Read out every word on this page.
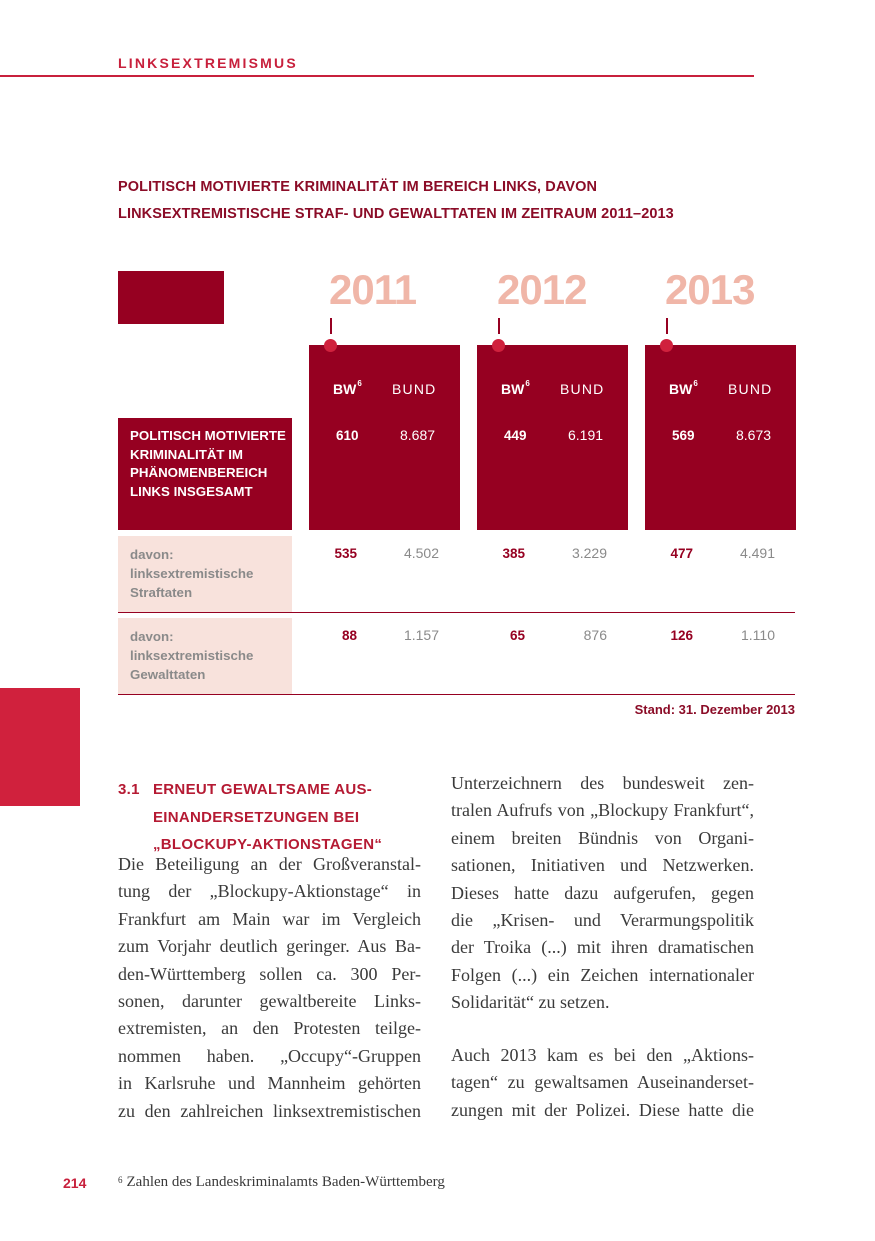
LINKSEXTREMISMUS
POLITISCH MOTIVIERTE KRIMINALITÄT IM BEREICH LINKS, DAVON
LINKSEXTREMISTISCHE STRAF- UND GEWALTTATEN IM ZEITRAUM 2011–2013
2011 2012 2013
BW$^6$ BUND	BW$^6$ BUND	BW$^6$ BUND
POLITISCH MOTIVIERTE
KRIMINALITÄT IM
PHÄNOMENBEREICH
LINKS INSGESAMT
610	8.687	449	6.191	569	8.673
davon:
linksextremistische
Straftaten
535	4.502	385	3.229	477	4.491
davon:
linksextremistische
Gewalttaten
88	1.157	65	876	126	1.110
Stand: 31. Dezember 2013
3.1 ERNEUT GEWALTSAME AUS-
EINANDERSETZUNGEN BEI
„BLOCKUPY-AKTIONSTAGEN“
Die Beteiligung an der Großveranstal-
tung der „Blockupy-Aktionstage“ in
Frankfurt am Main war im Vergleich
zum Vorjahr deutlich geringer. Aus Ba-
den-Württemberg sollen ca. 300 Per-
sonen, darunter gewaltbereite Links-
extremisten, an den Protesten teilge-
nommen haben. „Occupy“-Gruppen
in Karlsruhe und Mannheim gehörten
zu den zahlreichen linksextremistischen
Unterzeichnern des bundesweit zen-
tralen Aufrufs von „Blockupy Frankfurt“,
einem breiten Bündnis von Organi-
sationen, Initiativen und Netzwerken.
Dieses hatte dazu aufgerufen, gegen
die „Krisen- und Verarmungspolitik
der Troika (...) mit ihren dramatischen
Folgen (...) ein Zeichen internationaler
Solidarität“ zu setzen.
Auch 2013 kam es bei den „Aktions-
tagen“ zu gewaltsamen Auseinanderset-
zungen mit der Polizei. Diese hatte die
214	$^6$ Zahlen des Landeskriminalamts Baden-Württemberg
